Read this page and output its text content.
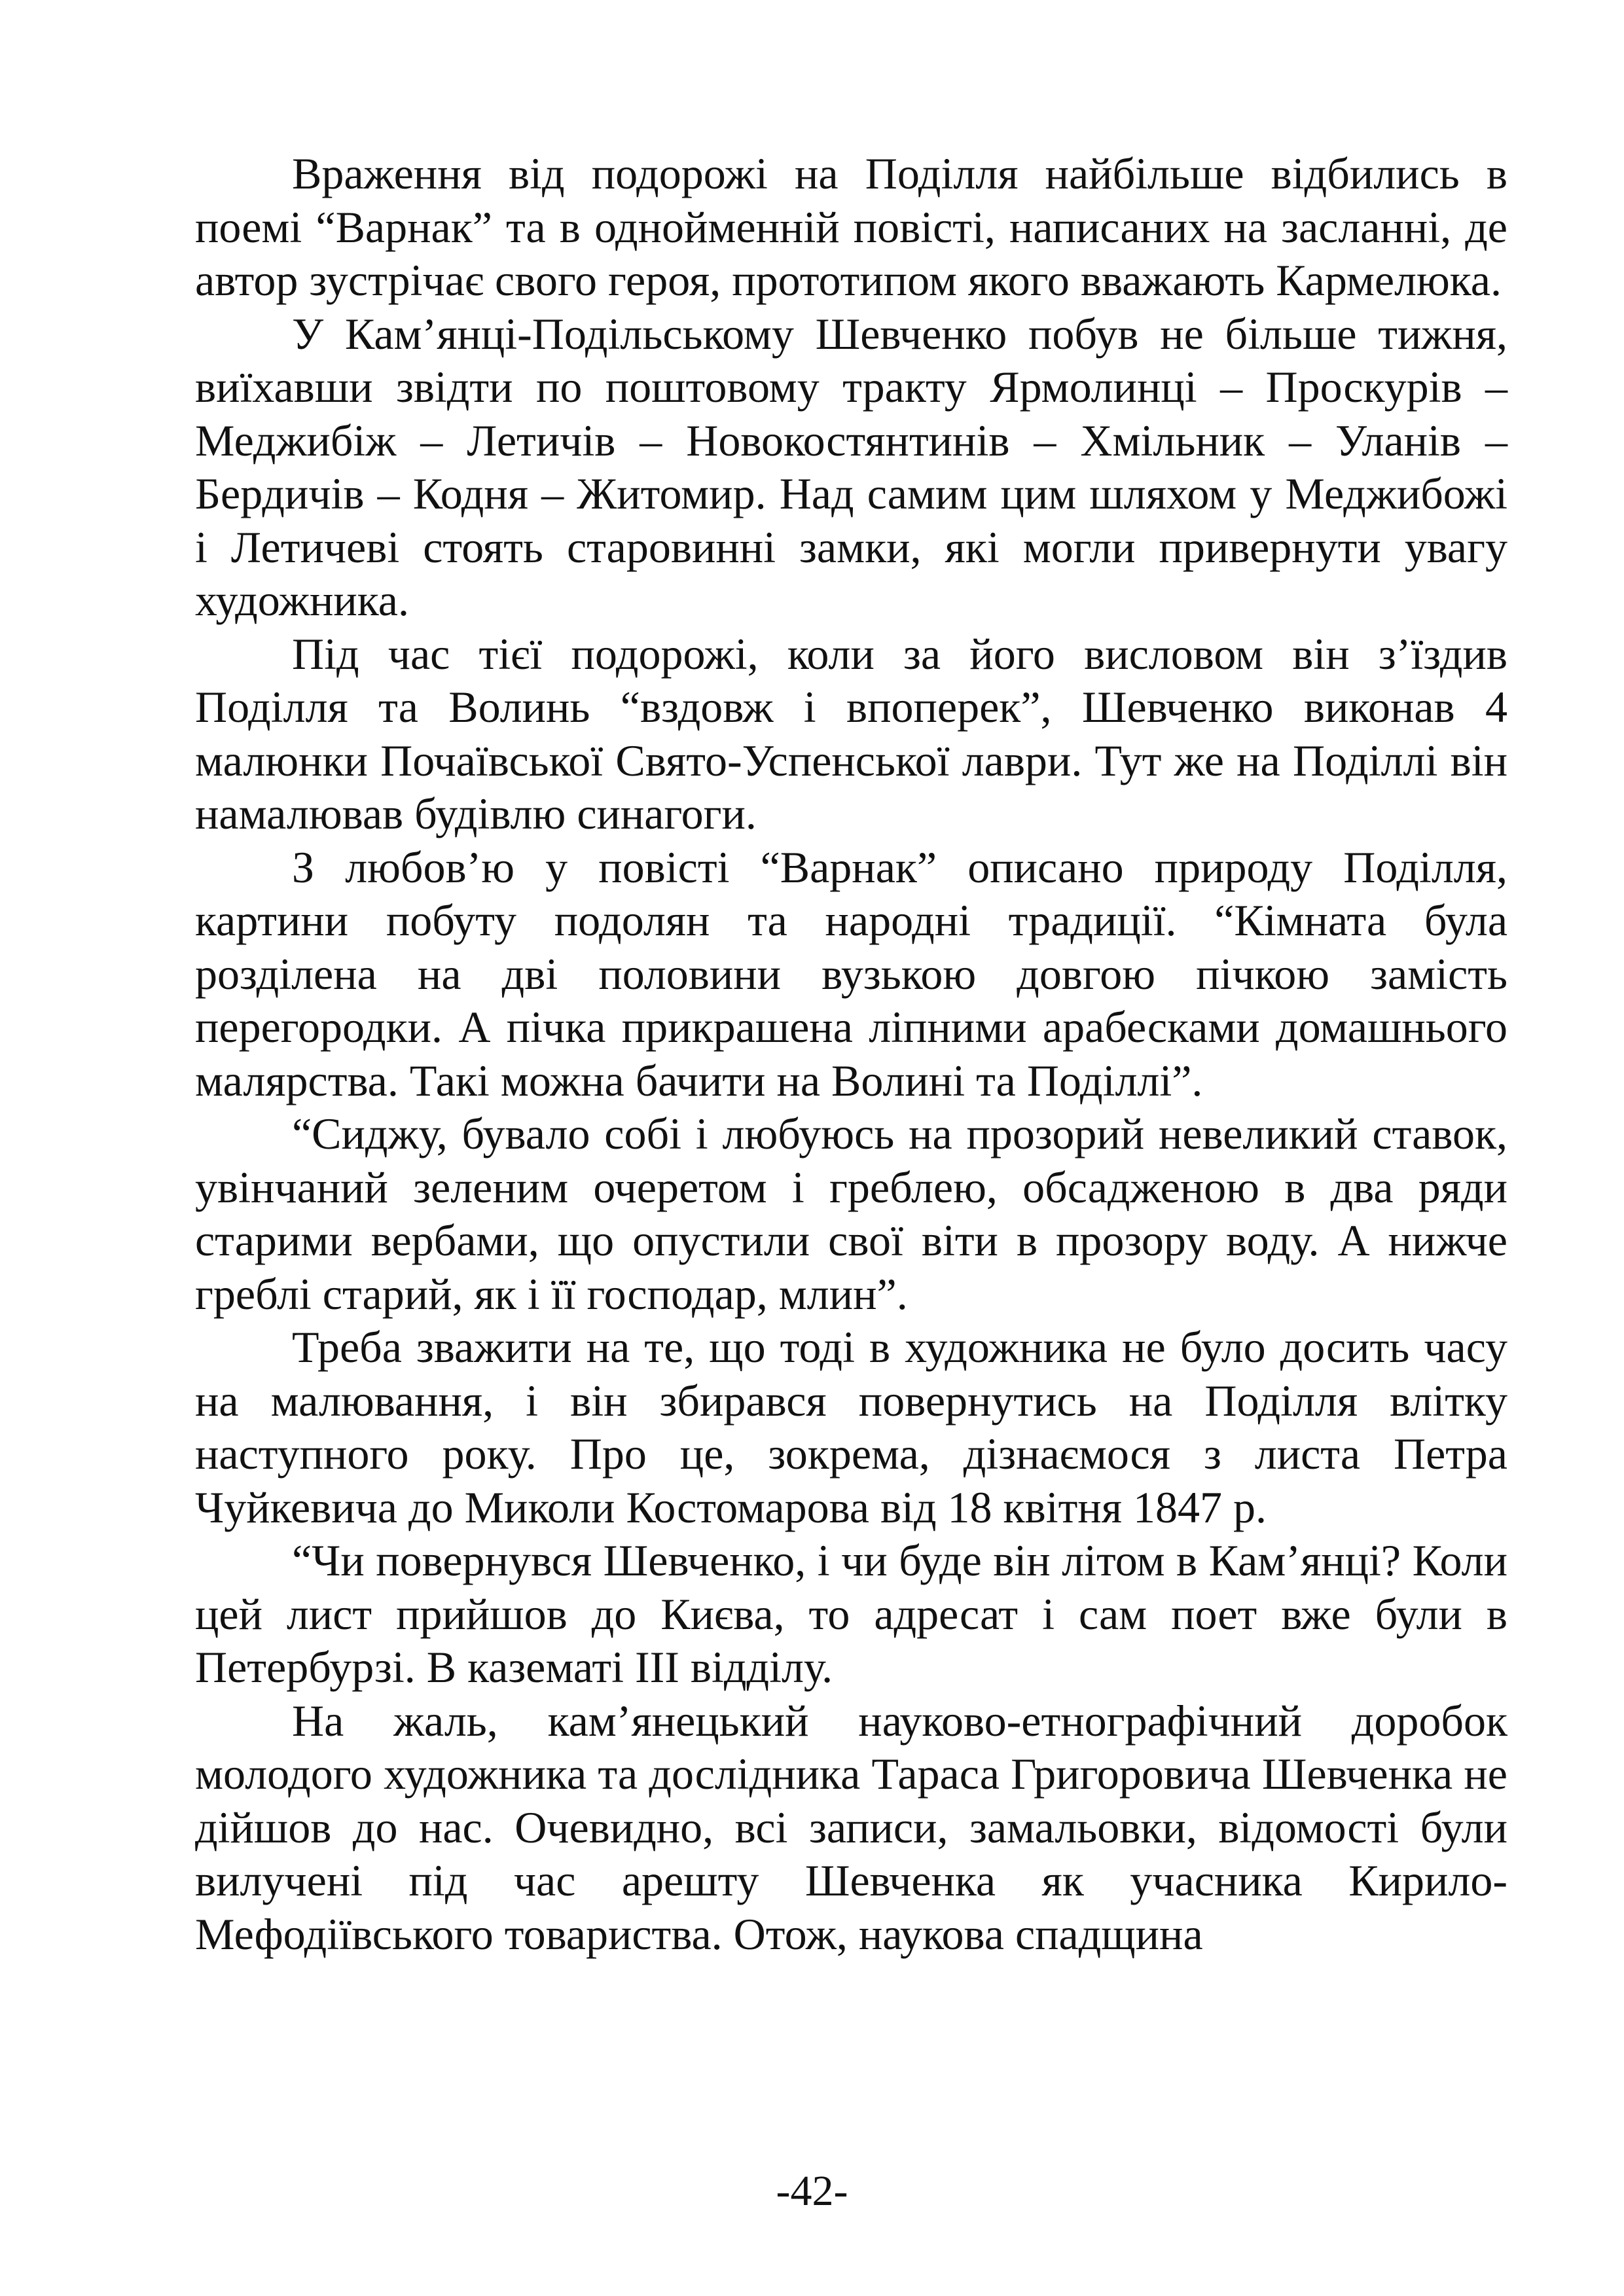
Враження від подорожі на Поділля найбільше відбились в поемі “Варнак” та в однойменній повісті, написаних на засланні, де автор зустрічає свого героя, прототипом якого вважають Кармелюка.

У Кам’янці-Подільському Шевченко побув не більше тижня, виїхавши звідти по поштовому тракту Ярмолинці – Проскурів – Меджибіж – Летичів – Новокостянтинів – Хмільник – Уланів – Бердичів – Кодня – Житомир. Над самим цим шляхом у Меджибожі і Летичеві стоять старовинні замки, які могли привернути увагу художника.

Під час тієї подорожі, коли за його висловом він з’їздив Поділля та Волинь “вздовж і впоперек”, Шевченко виконав 4 малюнки Почаївської Свято-Успенської лаври. Тут же на Поділлі він намалював будівлю синагоги.

З любов’ю у повісті “Варнак” описано природу Поділля, картини побуту подолян та народні традиції. “Кімната була розділена на дві половини вузькою довгою пічкою замість перегородки. А пічка прикрашена ліпними арабесками домашнього малярства. Такі можна бачити на Волині та Поділлі”.

“Сиджу, бувало собі і любуюсь на прозорий невеликий ставок, увінчаний зеленим очеретом і греблею, обсадженою в два ряди старими вербами, що опустили свої віти в прозору воду. А нижче греблі старий, як і її господар, млин”.

Треба зважити на те, що тоді в художника не було досить часу на малювання, і він збирався повернутись на Поділля влітку наступного року. Про це, зокрема, дізнаємося з листа Петра Чуйкевича до Миколи Костомарова від 18 квітня 1847 р.

“Чи повернувся Шевченко, і чи буде він літом в Кам’янці? Коли цей лист прийшов до Києва, то адресат і сам поет вже були в Петербурзі. В казематі ІІІ відділу.

На жаль, кам’янецький науково-етнографічний доробок молодого художника та дослідника Тараса Григоровича Шевченка не дійшов до нас. Очевидно, всі записи, замальовки, відомості були вилучені під час арешту Шевченка як учасника Кирило-Мефодіївського товариства. Отож, наукова спадщина

-42-
